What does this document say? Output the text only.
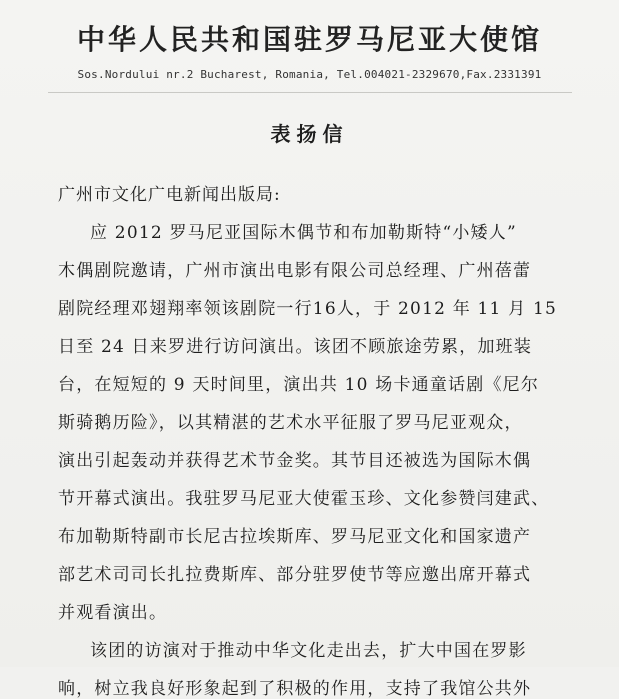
中华人民共和国驻罗马尼亚大使馆
Sos.Nordului nr.2 Bucharest, Romania, Tel.004021-2329670,Fax.2331391
表扬信
广州市文化广电新闻出版局:
应 2012 罗马尼亚国际木偶节和布加勒斯特“小矮人”
木偶剧院邀请，广州市演出电影有限公司总经理、广州蓓蕾
剧院经理邓翅翔率领该剧院一行16人，于 2012 年 11 月 15
日至 24 日来罗进行访问演出。该团不顾旅途劳累，加班装
台，在短短的 9 天时间里，演出共 10 场卡通童话剧《尼尔
斯骑鹅历险》，以其精湛的艺术水平征服了罗马尼亚观众，
演出引起轰动并获得艺术节金奖。其节目还被选为国际木偶
节开幕式演出。我驻罗马尼亚大使霍玉珍、文化参赞闫建武、
布加勒斯特副市长尼古拉埃斯库、罗马尼亚文化和国家遗产
部艺术司司长扎拉费斯库、部分驻罗使节等应邀出席开幕式
并观看演出。
该团的访演对于推动中华文化走出去，扩大中国在罗影
响，树立我良好形象起到了积极的作用，支持了我馆公共外
